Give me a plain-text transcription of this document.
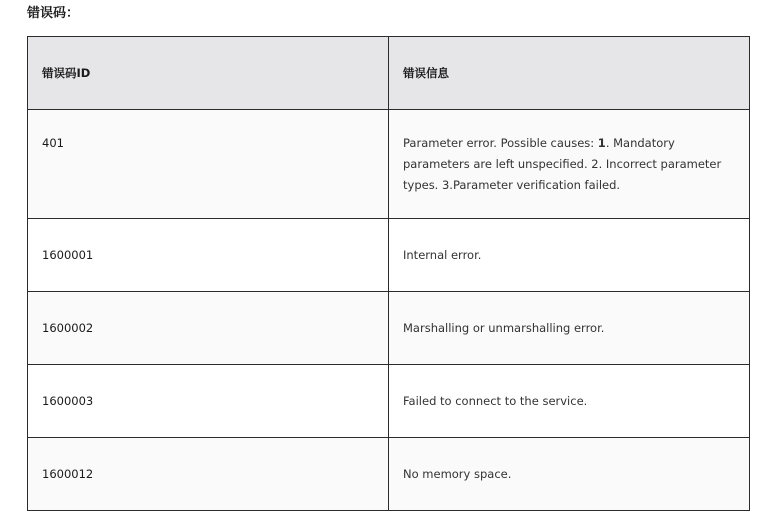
错误码：
错误码ID	错误信息
401	Parameter error. Possible causes: 1. Mandatory parameters are left unspecified. 2. Incorrect parameter types. 3.Parameter verification failed.
1600001	Internal error.
1600002	Marshalling or unmarshalling error.
1600003	Failed to connect to the service.
1600012	No memory space.
